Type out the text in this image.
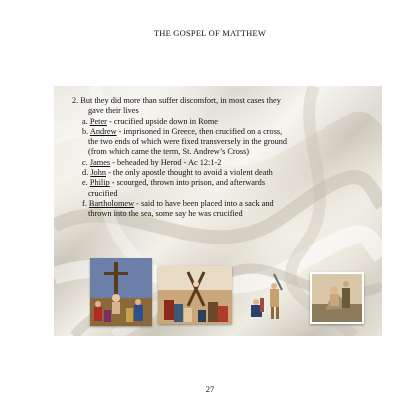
THE GOSPEL OF MATTHEW

2. But they did more than suffer discomfort, in most cases they

gave their lives

a. Peter - crucified upside down in Rome

b. Andrew - imprisoned in Greece, then crucified on a cross,

the two ends of which were fixed transversely in the ground

(from which came the term, St. Andrew’s Cross)

c. James - beheaded by Herod - Ac 12:1-2

d. John - the only apostle thought to avoid a violent death

e. Philip - scourged, thrown into prison, and afterwards

crucified

f. Bartholomew - said to have been placed into a sack and

thrown into the sea, some say he was crucified

27
